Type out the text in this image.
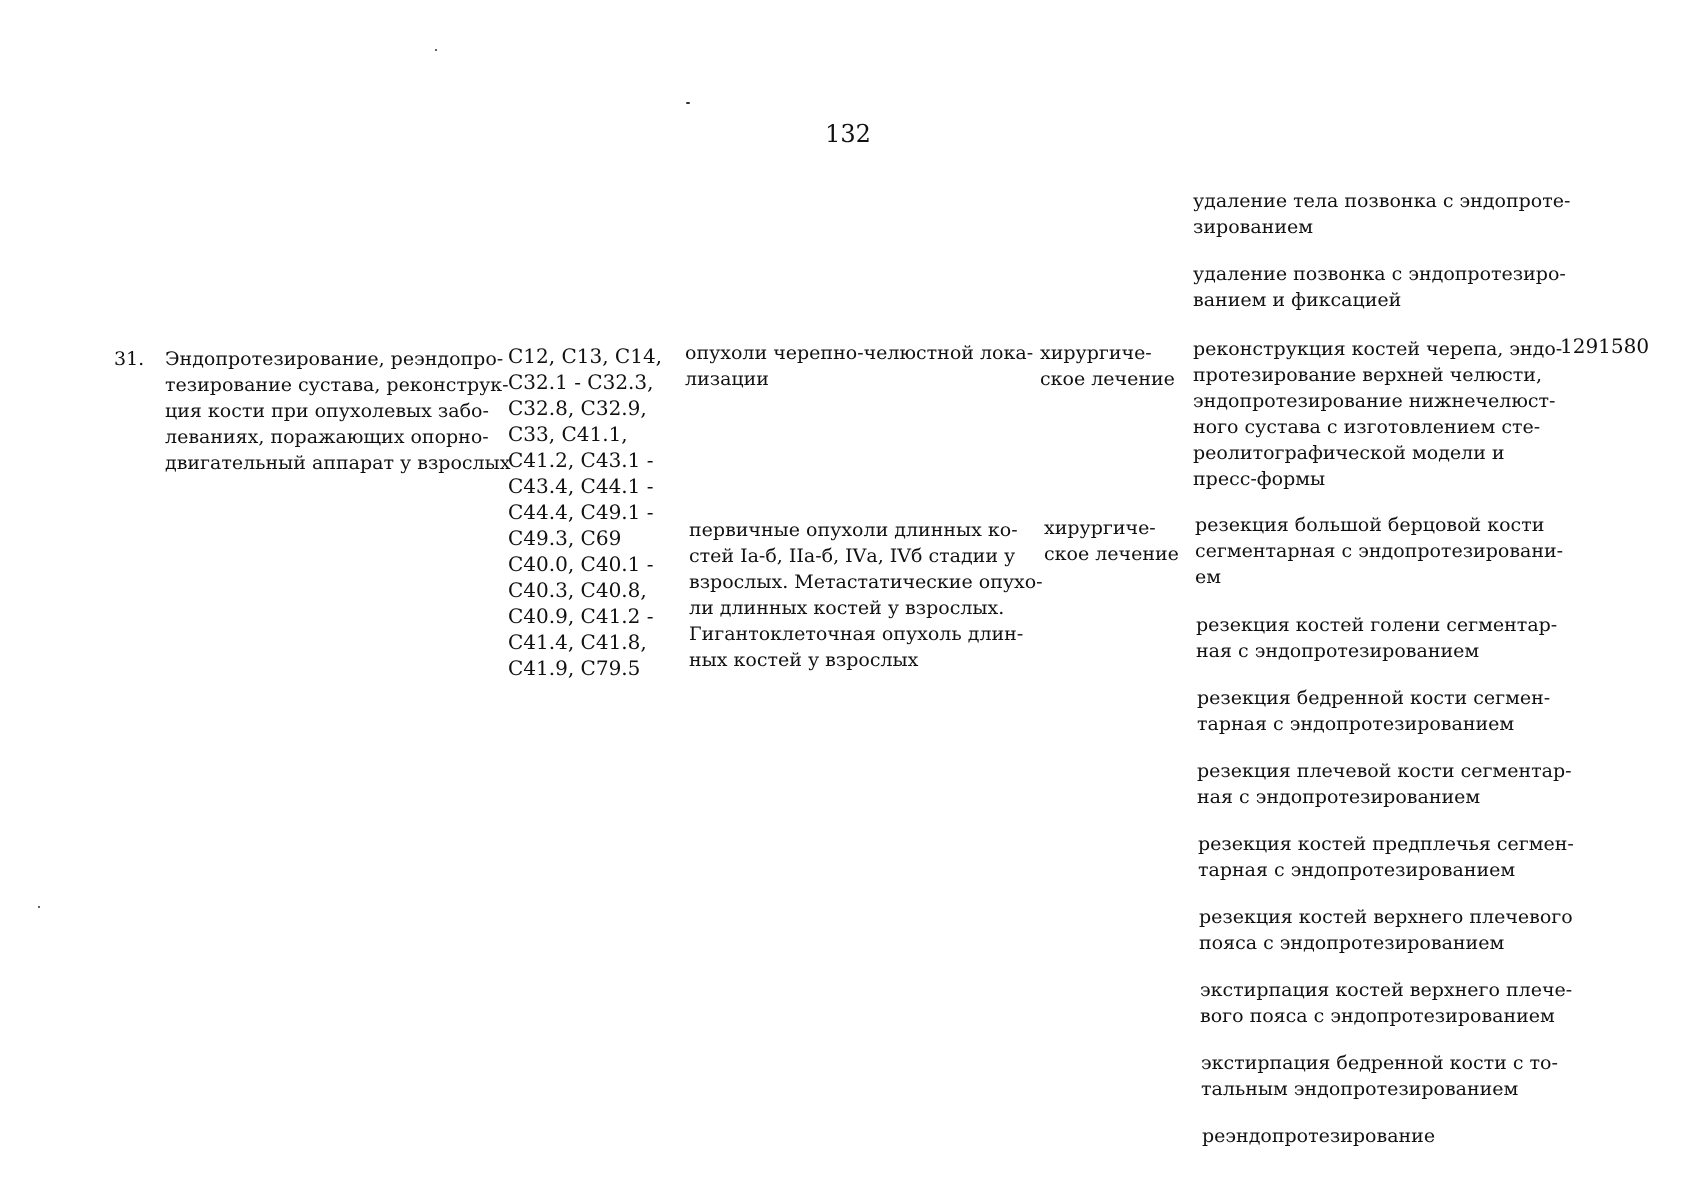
132
удаление тела позвонка с эндопроте-
зированием
удаление позвонка с эндопротезиро-
ванием и фиксацией
31. Эндопротезирование, реэндопро-
тезирование сустава, реконструк-
ция кости при опухолевых забо-
леваниях, поражающих опорно-
двигательный аппарат у взрослых
C12, C13, C14,
C32.1 - C32.3,
C32.8, C32.9,
C33, C41.1,
C41.2, C43.1 -
C43.4, C44.1 -
C44.4, C49.1 -
C49.3, C69
C40.0, C40.1 -
C40.3, C40.8,
C40.9, C41.2 -
C41.4, C41.8,
C41.9, C79.5
1291580
опухоли черепно-челюстной лока-
лизации
хирургиче-
ское лечение
реконструкция костей черепа, эндо-
протезирование верхней челюсти,
эндопротезирование нижнечелюст-
ного сустава с изготовлением сте-
реолитографической модели и
пресс-формы
первичные опухоли длинных ко-
стей Iа-б, IIа-б, IVа, IVб стадии у
взрослых. Метастатические опухо-
ли длинных костей у взрослых.
Гигантоклеточная опухоль длин-
ных костей у взрослых
хирургиче-
ское лечение
резекция большой берцовой кости
сегментарная с эндопротезировани-
ем
резекция костей голени сегментар-
ная с эндопротезированием
резекция бедренной кости сегмен-
тарная с эндопротезированием
резекция плечевой кости сегментар-
ная с эндопротезированием
резекция костей предплечья сегмен-
тарная с эндопротезированием
резекция костей верхнего плечевого
пояса с эндопротезированием
экстирпация костей верхнего плече-
вого пояса с эндопротезированием
экстирпация бедренной кости с то-
тальным эндопротезированием
реэндопротезирование
